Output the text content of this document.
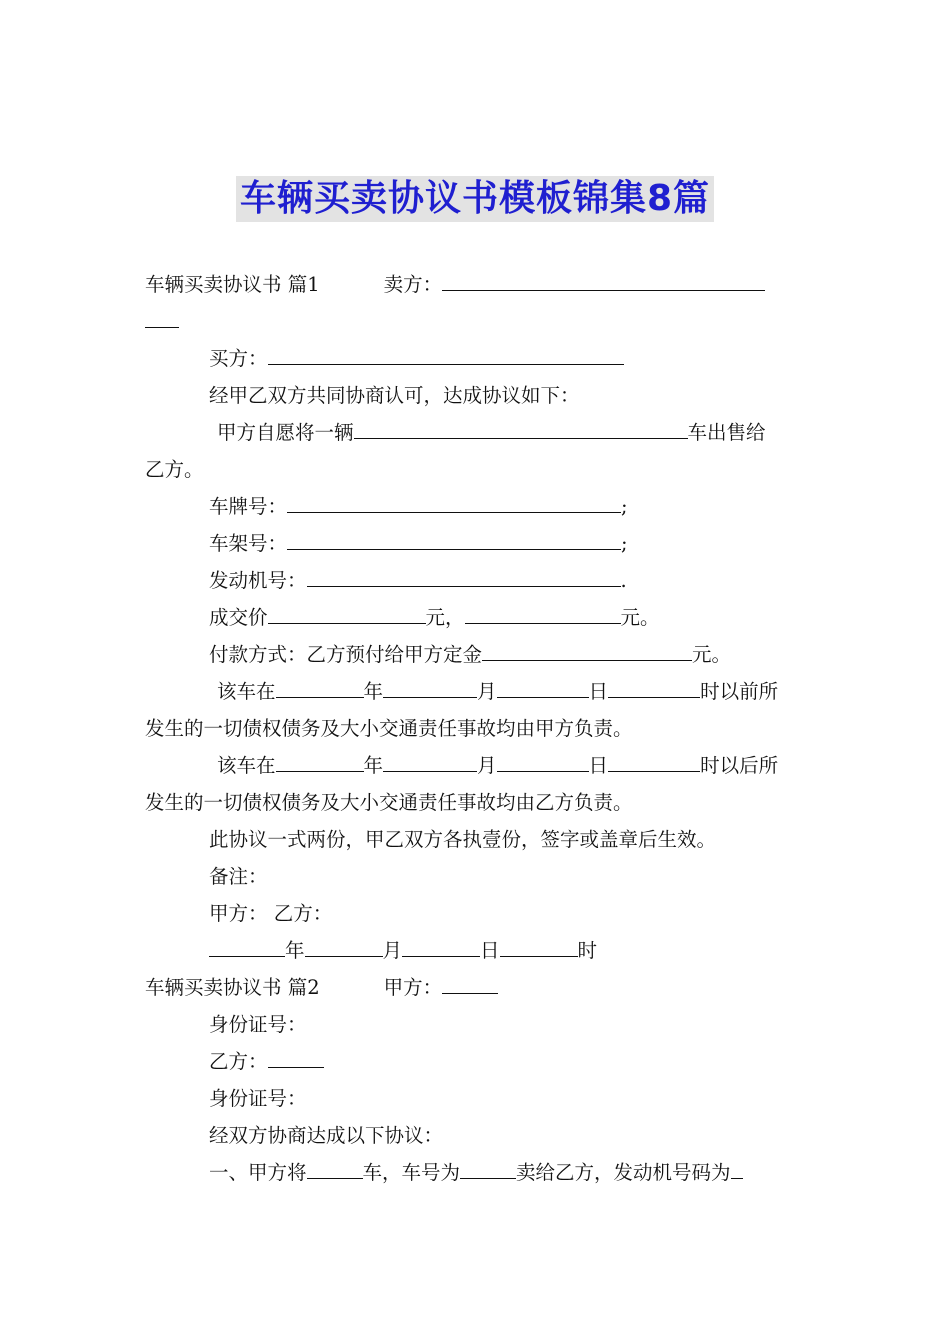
车辆买卖协议书模板锦集8篇
车辆买卖协议书 篇1	卖方：
买方：
经甲乙双方共同协商认可，达成协议如下：
甲方自愿将一辆	车出售给
乙方。
车牌号：	;
车架号：	;
发动机号：	.
成交价	元，	元。
付款方式：乙方预付给甲方定金	元。
该车在	年	月	日	时以前所
发生的一切债权债务及大小交通责任事故均由甲方负责。
该车在	年	月	日	时以后所
发生的一切债权债务及大小交通责任事故均由乙方负责。
此协议一式两份，甲乙双方各执壹份，签字或盖章后生效。
备注：
甲方： 乙方：
年	月	日	时
车辆买卖协议书 篇2	甲方：
身份证号：
乙方：
身份证号：
经双方协商达成以下协议：
一、甲方将	车，车号为	卖给乙方，发动机号码为
